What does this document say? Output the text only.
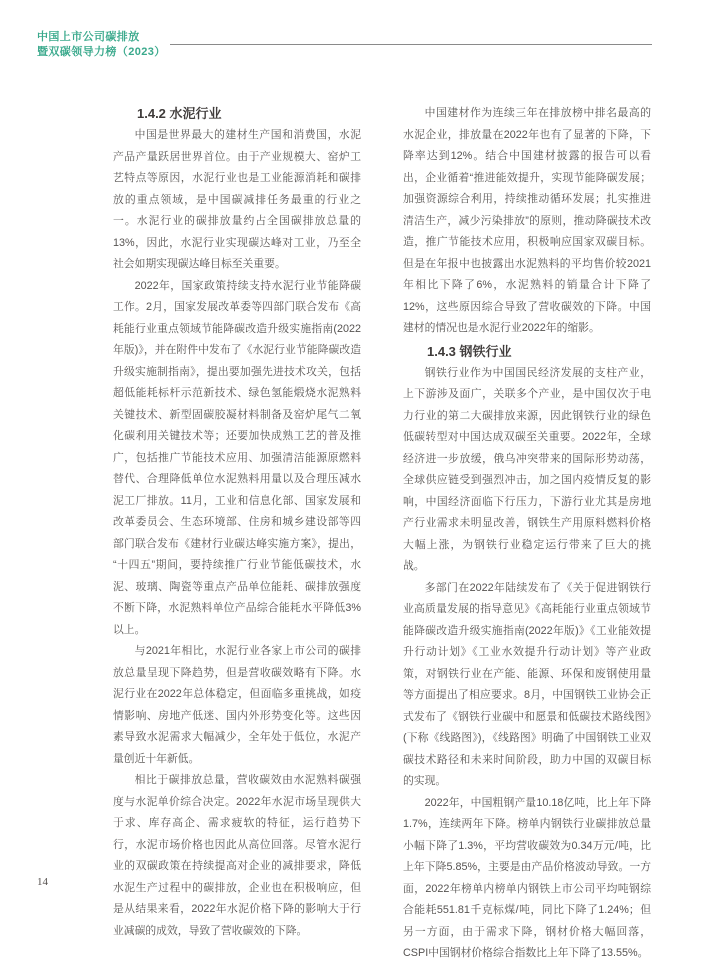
中国上市公司碳排放
暨双碳领导力榜（2023）
1.4.2 水泥行业

中国是世界最大的建材生产国和消费国，水泥产品产量跃居世界首位。由于产业规模大、窑炉工艺特点等原因，水泥行业也是工业能源消耗和碳排放的重点领域，是中国碳减排任务最重的行业之一。水泥行业的碳排放量约占全国碳排放总量的13%，因此，水泥行业实现碳达峰对工业，乃至全社会如期实现碳达峰目标至关重要。

2022年，国家政策持续支持水泥行业节能降碳工作。2月，国家发展改革委等四部门联合发布《高耗能行业重点领域节能降碳改造升级实施指南(2022年版)》，并在附件中发布了《水泥行业节能降碳改造升级实施制指南》，提出要加强先进技术攻关，包括超低能耗标杆示范新技术、绿色氢能煅烧水泥熟料关键技术、新型固碳胶凝材料制备及窑炉尾气二氧化碳利用关键技术等；还要加快成熟工艺的普及推广，包括推广节能技术应用、加强清洁能源原燃料替代、合理降低单位水泥熟料用量以及合理压减水泥工厂排放。11月，工业和信息化部、国家发展和改革委员会、生态环境部、住房和城乡建设部等四部门联合发布《建材行业碳达峰实施方案》，提出，“十四五”期间，要持续推广行业节能低碳技术，水泥、玻璃、陶瓷等重点产品单位能耗、碳排放强度不断下降，水泥熟料单位产品综合能耗水平降低3%以上。

与2021年相比，水泥行业各家上市公司的碳排放总量呈现下降趋势，但是营收碳效略有下降。水泥行业在2022年总体稳定，但面临多重挑战，如疫情影响、房地产低迷、国内外形势变化等。这些因素导致水泥需求大幅减少，全年处于低位，水泥产量创近十年新低。

相比于碳排放总量，营收碳效由水泥熟料碳强度与水泥单价综合决定。2022年水泥市场呈现供大于求、库存高企、需求疲软的特征，运行趋势下行，水泥市场价格也因此从高位回落。尽管水泥行业的双碳政策在持续提高对企业的减排要求，降低水泥生产过程中的碳排放，企业也在积极响应，但是从结果来看，2022年水泥价格下降的影响大于行业减碳的成效，导致了营收碳效的下降。

中国建材作为连续三年在排放榜中排名最高的水泥企业，排放量在2022年也有了显著的下降，下降率达到12%。结合中国建材披露的报告可以看出，企业循着“推进能效提升，实现节能降碳发展；加强资源综合利用，持续推动循环发展；扎实推进清洁生产，减少污染排放”的原则，推动降碳技术改造，推广节能技术应用，积极响应国家双碳目标。但是在年报中也披露出水泥熟料的平均售价较2021年相比下降了6%，水泥熟料的销量合计下降了12%，这些原因综合导致了营收碳效的下降。中国建材的情况也是水泥行业2022年的缩影。

1.4.3 钢铁行业

钢铁行业作为中国国民经济发展的支柱产业，上下游涉及面广，关联多个产业，是中国仅次于电力行业的第二大碳排放来源，因此钢铁行业的绿色低碳转型对中国达成双碳至关重要。2022年，全球经济进一步放缓，俄乌冲突带来的国际形势动荡，全球供应链受到强烈冲击，加之国内疫情反复的影响，中国经济面临下行压力，下游行业尤其是房地产行业需求未明显改善，钢铁生产用原料燃料价格大幅上涨，为钢铁行业稳定运行带来了巨大的挑战。

多部门在2022年陆续发布了《关于促进钢铁行业高质量发展的指导意见》《高耗能行业重点领域节能降碳改造升级实施指南(2022年版)》《工业能效提升行动计划》《工业水效提升行动计划》等产业政策，对钢铁行业在产能、能源、环保和废钢使用量等方面提出了相应要求。8月，中国钢铁工业协会正式发布了《钢铁行业碳中和愿景和低碳技术路线图》(下称《线路图》)，《线路图》明确了中国钢铁工业双碳技术路径和未来时间阶段，助力中国的双碳目标的实现。

2022年，中国粗钢产量10.18亿吨，比上年下降1.7%，连续两年下降。榜单内钢铁行业碳排放总量小幅下降了1.3%，平均营收碳效为0.34万元/吨，比上年下降5.85%，主要是由产品价格波动导致。一方面，2022年榜单内榜单内钢铁上市公司平均吨钢综合能耗551.81千克标煤/吨，同比下降了1.24%；但另一方面，由于需求下降，钢材价格大幅回落，CSPI中国钢材价格综合指数比上年下降了13.55%。

14
